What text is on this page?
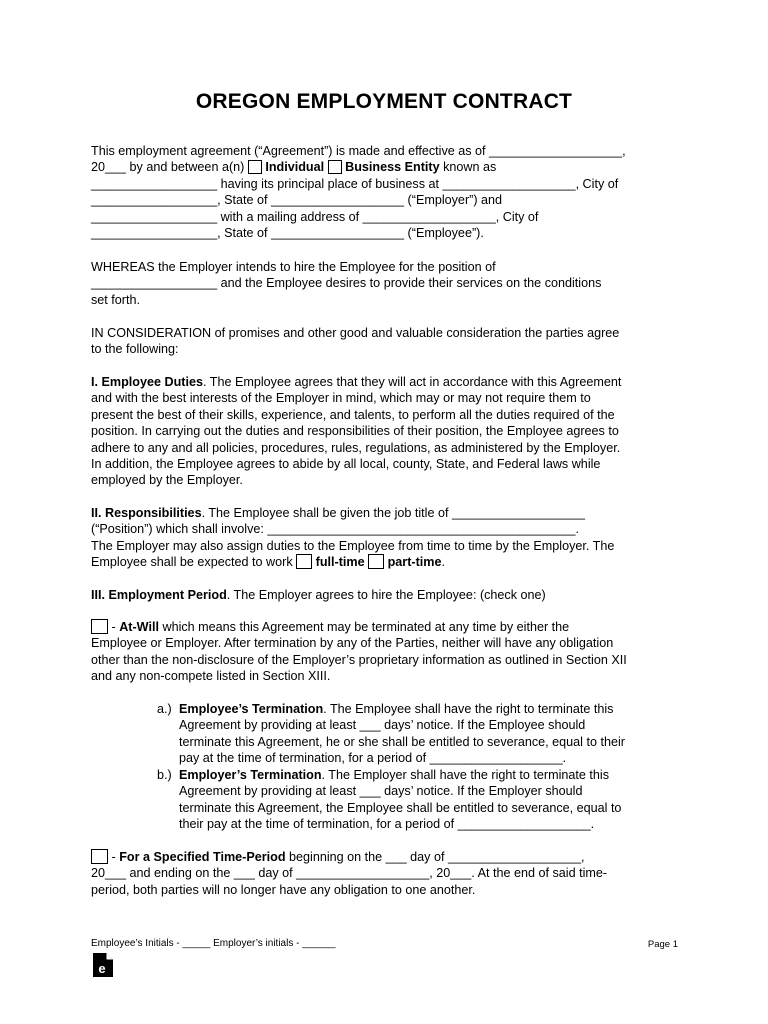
OREGON EMPLOYMENT CONTRACT
This employment agreement (“Agreement”) is made and effective as of ___________________,
20___ by and between a(n)  Individual Business Entity known as
__________________ having its principal place of business at ___________________, City of
__________________, State of ___________________ (“Employer”) and
__________________ with a mailing address of ___________________, City of
__________________, State of ___________________ (“Employee”).
WHEREAS the Employer intends to hire the Employee for the position of
__________________ and the Employee desires to provide their services on the conditions
set forth.
IN CONSIDERATION of promises and other good and valuable consideration the parties agree
to the following:
I. Employee Duties. The Employee agrees that they will act in accordance with this Agreement
and with the best interests of the Employer in mind, which may or may not require them to
present the best of their skills, experience, and talents, to perform all the duties required of the
position. In carrying out the duties and responsibilities of their position, the Employee agrees to
adhere to any and all policies, procedures, rules, regulations, as administered by the Employer.
In addition, the Employee agrees to abide by all local, county, State, and Federal laws while
employed by the Employer.
II. Responsibilities. The Employee shall be given the job title of ___________________
(“Position”) which shall involve: ____________________________________________.
The Employer may also assign duties to the Employee from time to time by the Employer. The
Employee shall be expected to work  full-time part-time.
III. Employment Period. The Employer agrees to hire the Employee: (check one)
- At-Will which means this Agreement may be terminated at any time by either the
Employee or Employer. After termination by any of the Parties, neither will have any obligation
other than the non-disclosure of the Employer’s proprietary information as outlined in Section XII
and any non-compete listed in Section XIII.
a.) Employee’s Termination. The Employee shall have the right to terminate this
Agreement by providing at least ___ days’ notice. If the Employee should
terminate this Agreement, he or she shall be entitled to severance, equal to their
pay at the time of termination, for a period of ___________________.
b.) Employer’s Termination. The Employer shall have the right to terminate this
Agreement by providing at least ___ days’ notice. If the Employer should
terminate this Agreement, the Employee shall be entitled to severance, equal to
their pay at the time of termination, for a period of ___________________.
- For a Specified Time-Period beginning on the ___ day of ___________________,
20___ and ending on the ___ day of ___________________, 20___. At the end of said time-
period, both parties will no longer have any obligation to one another.
Employee’s Initials - _____ Employer’s initials - ______	Page 1
e
